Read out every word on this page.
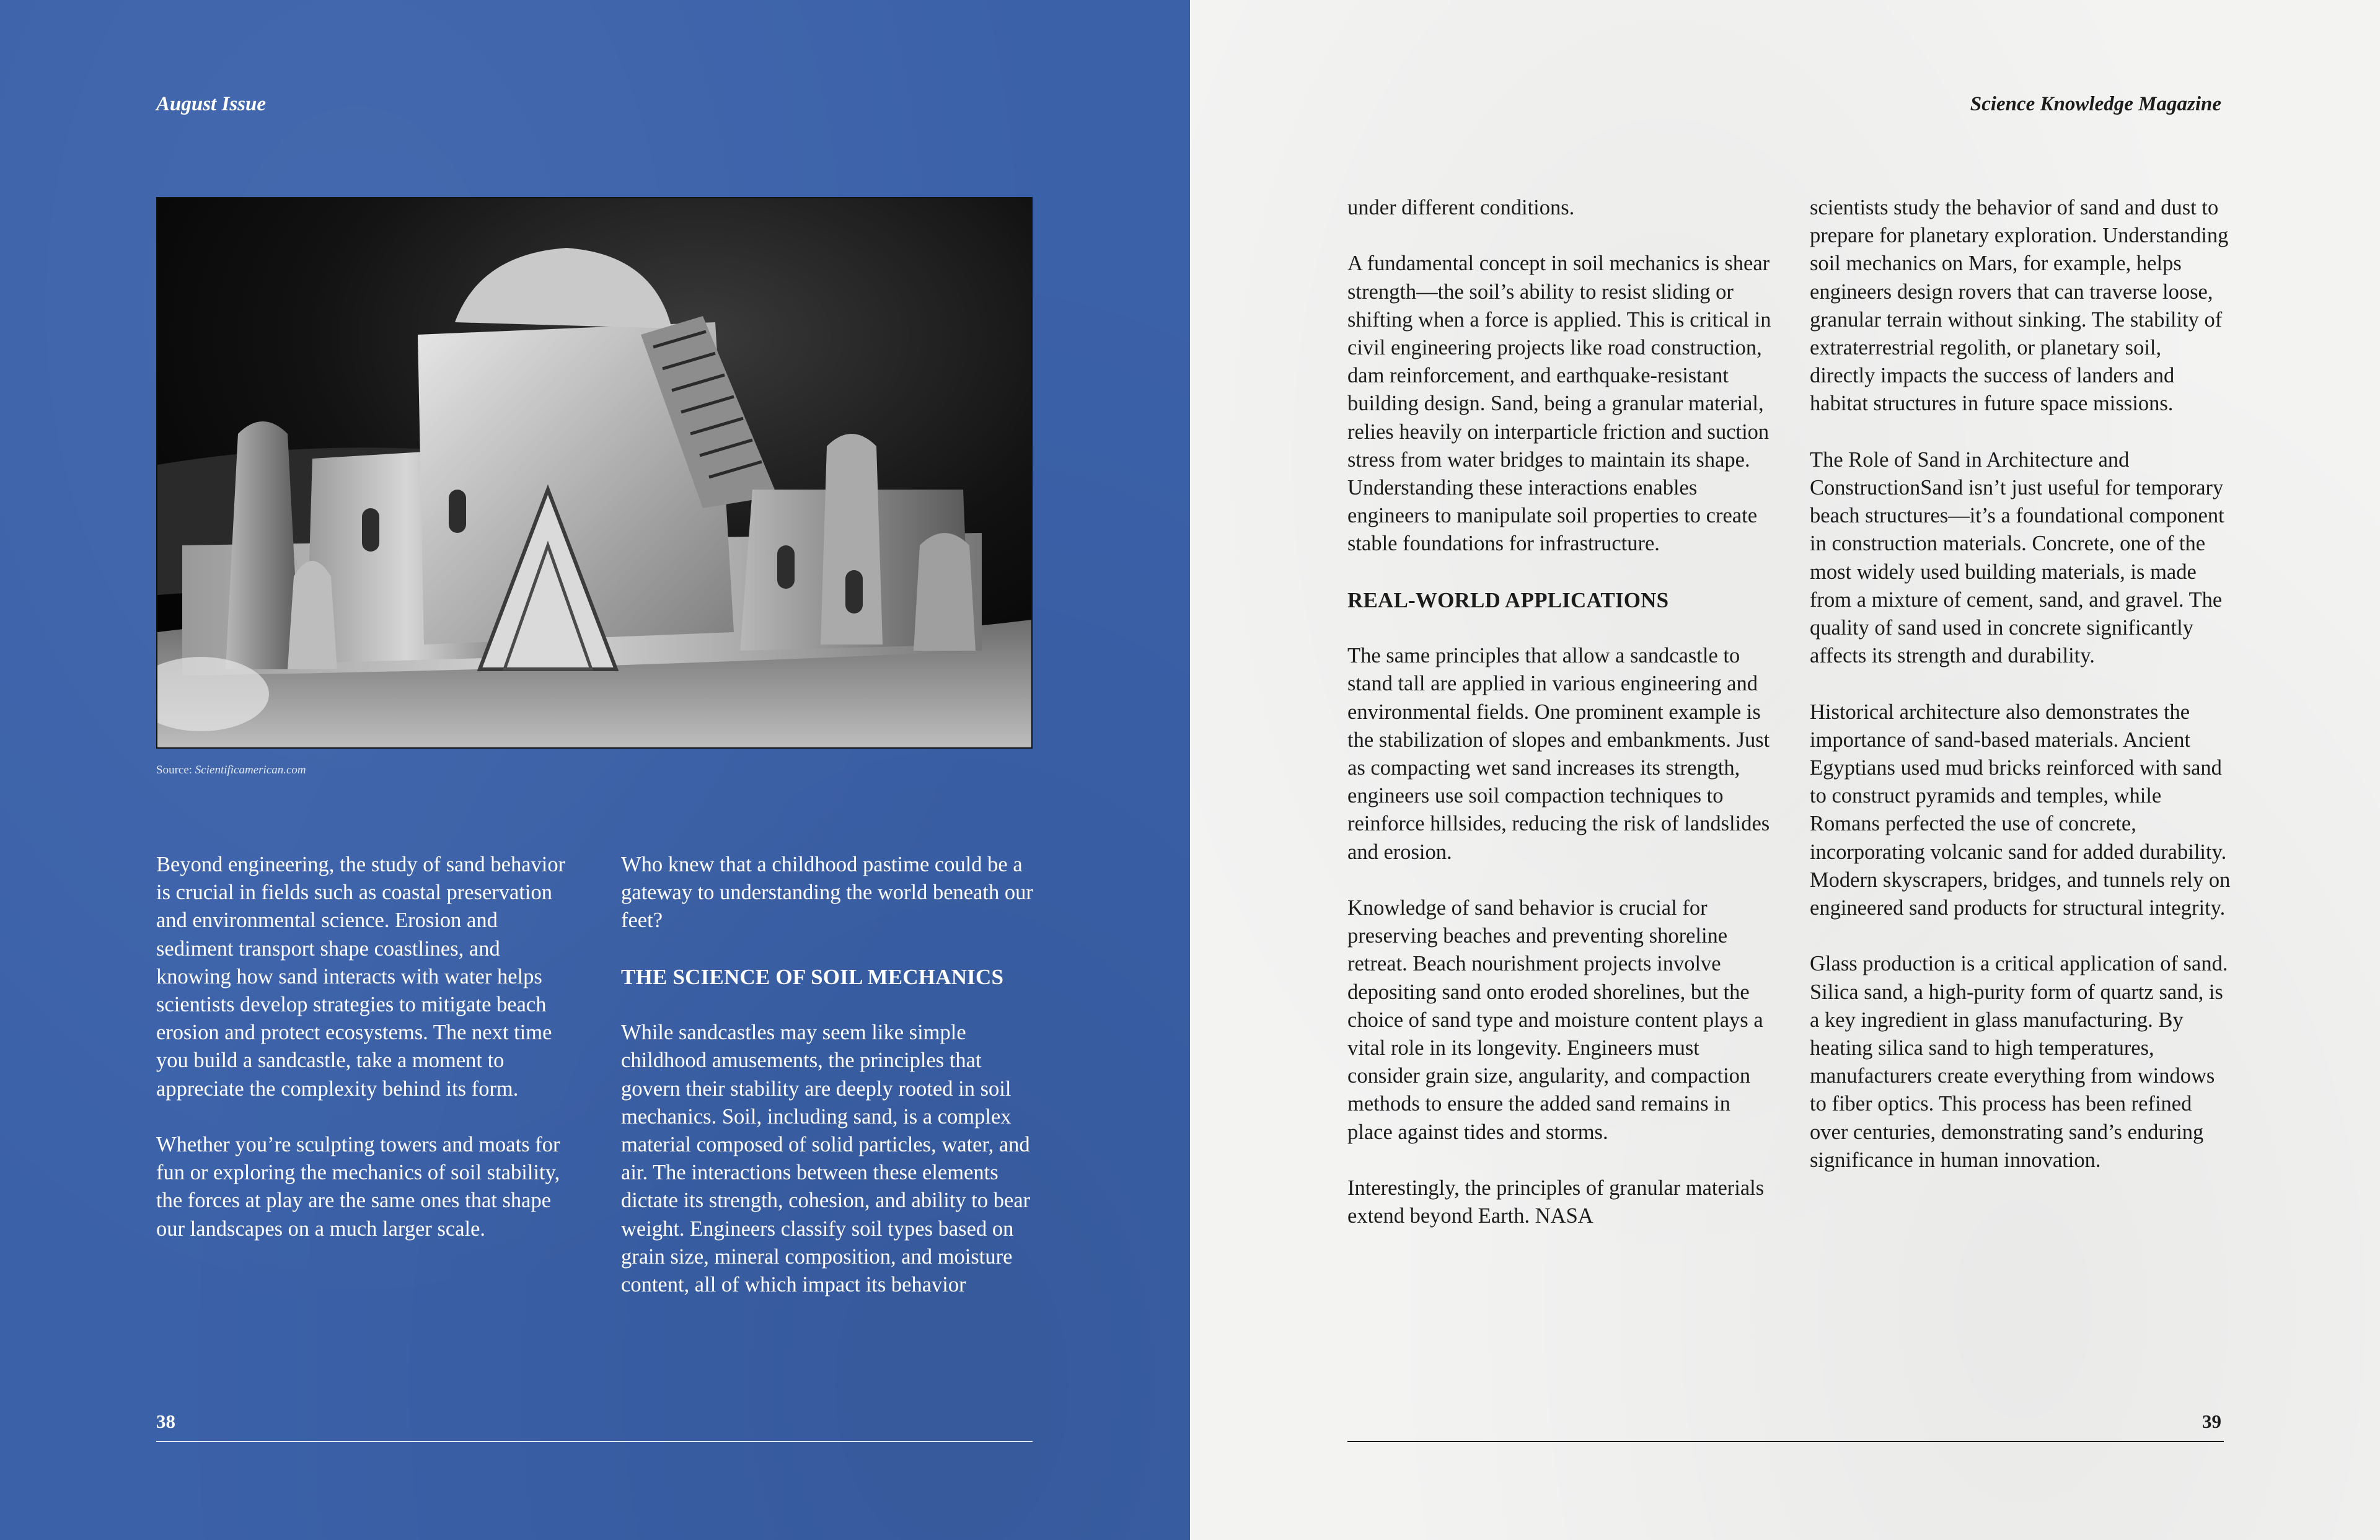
August Issue
Source: Scientificamerican.com

Beyond engineering, the study of sand behavior is crucial in fields such as coastal preservation and environmental science. Erosion and sediment transport shape coastlines, and knowing how sand interacts with water helps scientists develop strategies to mitigate beach erosion and protect ecosystems. The next time you build a sandcastle, take a moment to appreciate the complexity behind its form.

Whether you’re sculpting towers and moats for fun or exploring the mechanics of soil stability, the forces at play are the same ones that shape our landscapes on a much larger scale.

Who knew that a childhood pastime could be a gateway to understanding the world beneath our feet?

THE SCIENCE OF SOIL MECHANICS

While sandcastles may seem like simple childhood amusements, the principles that govern their stability are deeply rooted in soil mechanics. Soil, including sand, is a complex material composed of solid particles, water, and air. The interactions between these elements dictate its strength, cohesion, and ability to bear weight. Engineers classify soil types based on grain size, mineral composition, and moisture content, all of which impact its behavior

38
Science Knowledge Magazine

under different conditions.

A fundamental concept in soil mechanics is shear strength—the soil’s ability to resist sliding or shifting when a force is applied. This is critical in civil engineering projects like road construction, dam reinforcement, and earthquake-resistant building design. Sand, being a granular material, relies heavily on interparticle friction and suction stress from water bridges to maintain its shape. Understanding these interactions enables engineers to manipulate soil properties to create stable foundations for infrastructure.

REAL-WORLD APPLICATIONS

The same principles that allow a sandcastle to stand tall are applied in various engineering and environmental fields. One prominent example is the stabilization of slopes and embankments. Just as compacting wet sand increases its strength, engineers use soil compaction techniques to reinforce hillsides, reducing the risk of landslides and erosion.

Knowledge of sand behavior is crucial for preserving beaches and preventing shoreline retreat. Beach nourishment projects involve depositing sand onto eroded shorelines, but the choice of sand type and moisture content plays a vital role in its longevity. Engineers must consider grain size, angularity, and compaction methods to ensure the added sand remains in place against tides and storms.

Interestingly, the principles of granular materials extend beyond Earth. NASA

scientists study the behavior of sand and dust to prepare for planetary exploration. Understanding soil mechanics on Mars, for example, helps engineers design rovers that can traverse loose, granular terrain without sinking. The stability of extraterrestrial regolith, or planetary soil, directly impacts the success of landers and habitat structures in future space missions.

The Role of Sand in Architecture and ConstructionSand isn’t just useful for temporary beach structures—it’s a foundational component in construction materials. Concrete, one of the most widely used building materials, is made from a mixture of cement, sand, and gravel. The quality of sand used in concrete significantly affects its strength and durability.

Historical architecture also demonstrates the importance of sand-based materials. Ancient Egyptians used mud bricks reinforced with sand to construct pyramids and temples, while Romans perfected the use of concrete, incorporating volcanic sand for added durability. Modern skyscrapers, bridges, and tunnels rely on engineered sand products for structural integrity.

Glass production is a critical application of sand. Silica sand, a high-purity form of quartz sand, is a key ingredient in glass manufacturing. By heating silica sand to high temperatures, manufacturers create everything from windows to fiber optics. This process has been refined over centuries, demonstrating sand’s enduring significance in human innovation.

39
